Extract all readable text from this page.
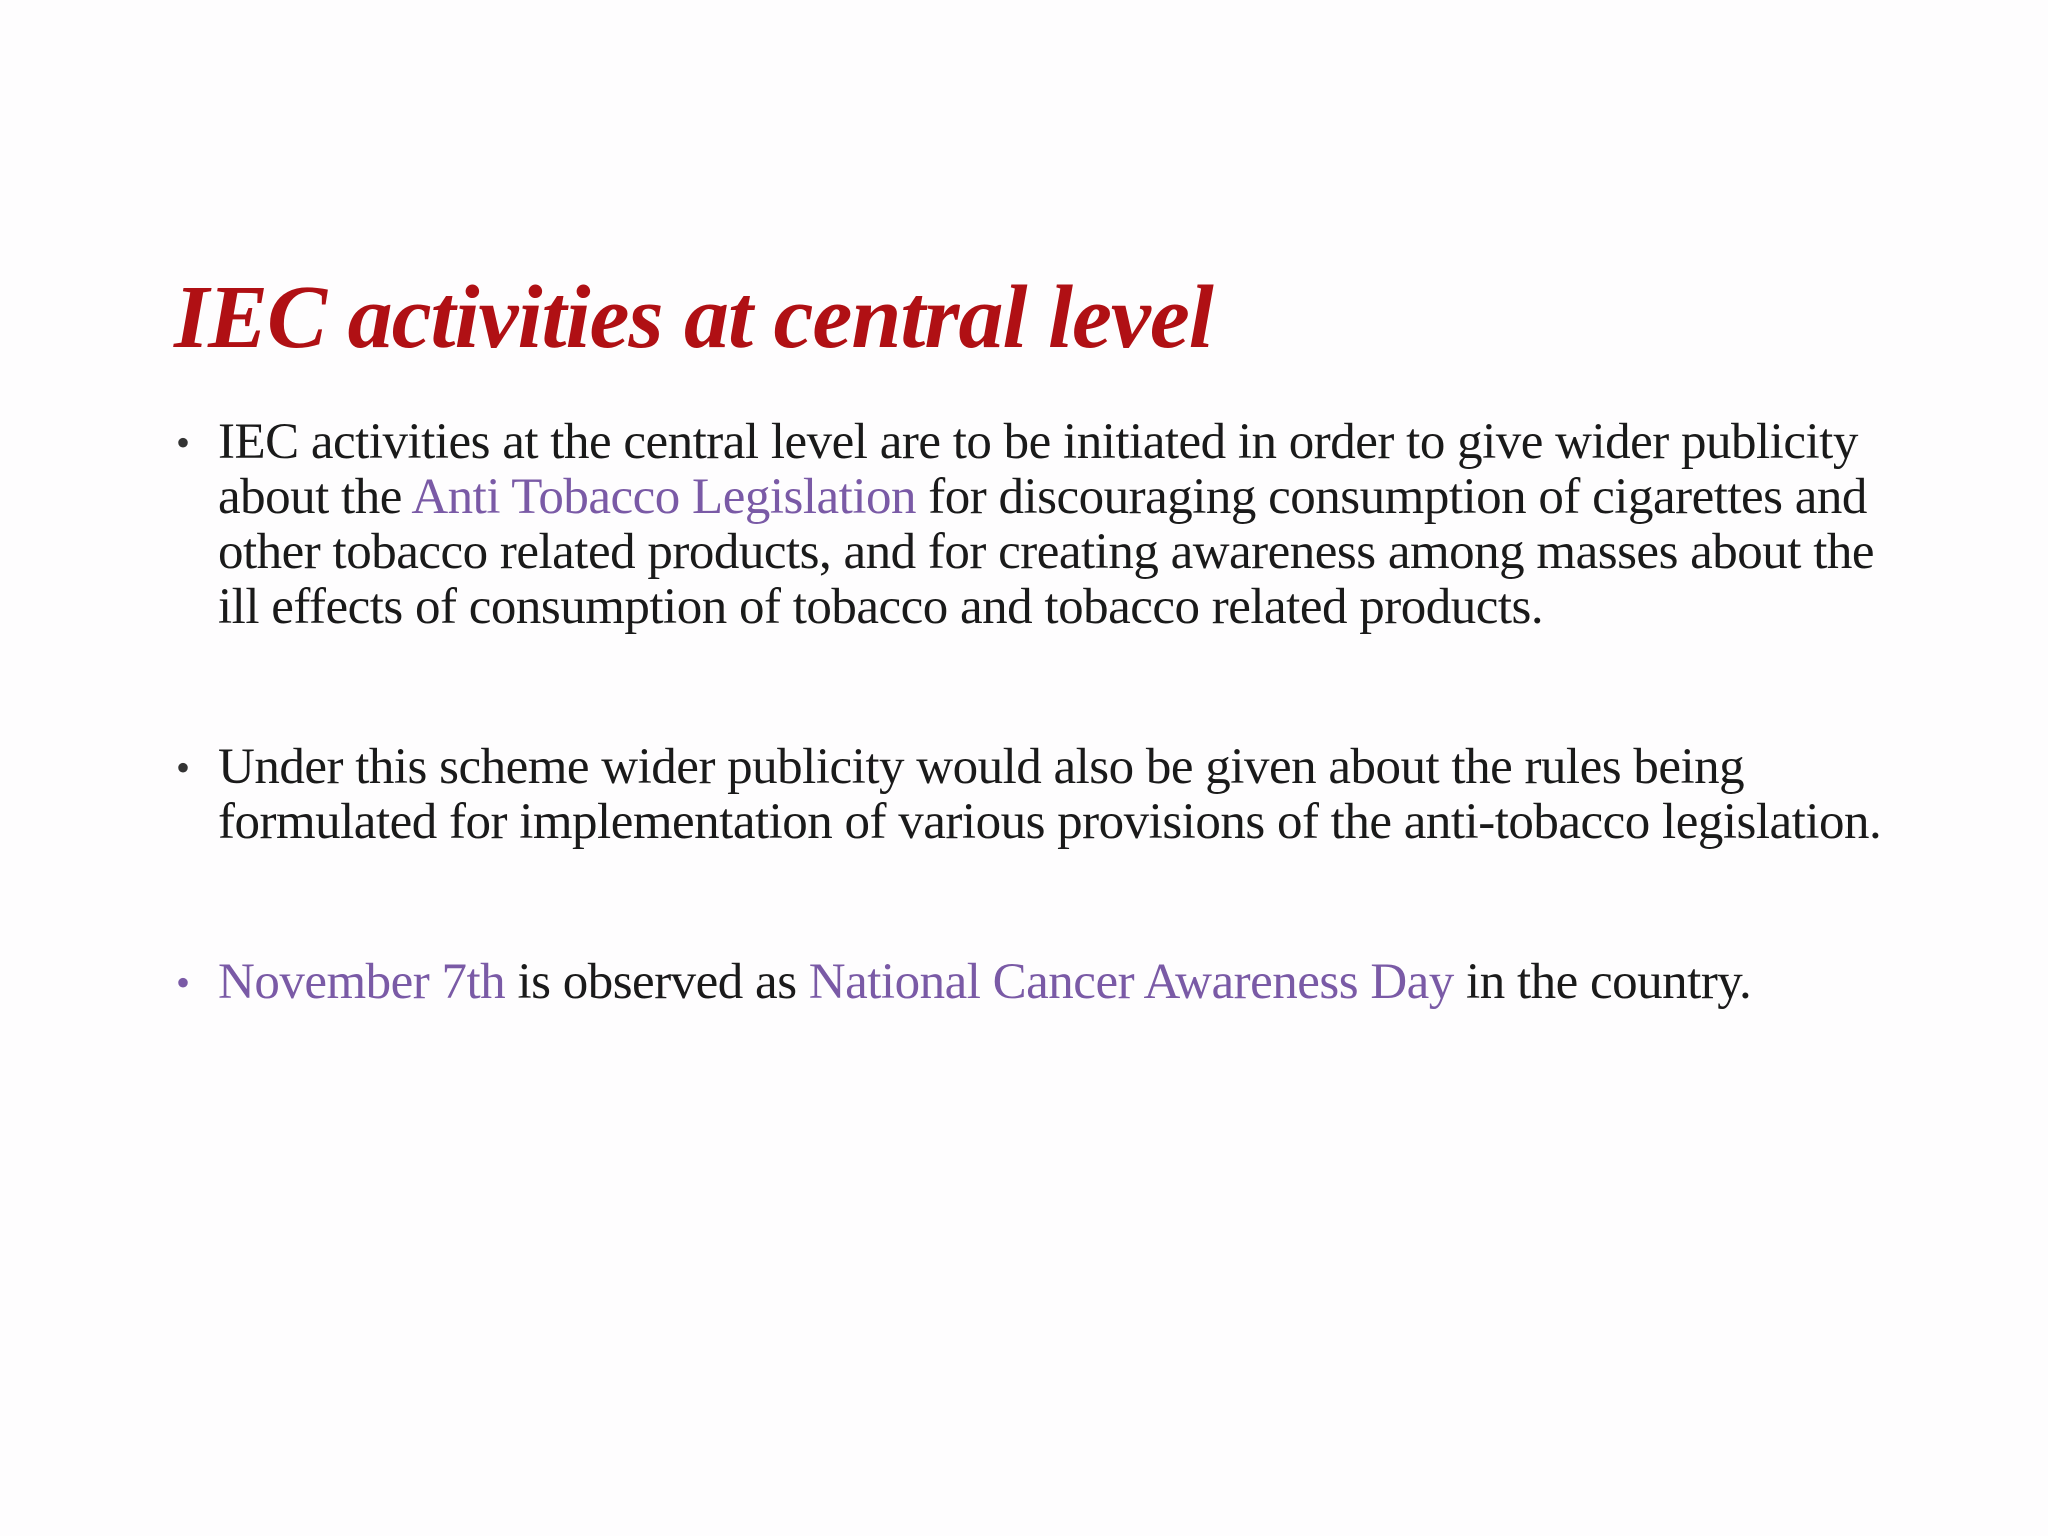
IEC activities at central level
• IEC activities at the central level are to be initiated in order to give wider publicity about the Anti Tobacco Legislation for discouraging consumption of cigarettes and other tobacco related products, and for creating awareness among masses about the ill effects of consumption of tobacco and tobacco related products.
• Under this scheme wider publicity would also be given about the rules being formulated for implementation of various provisions of the anti-tobacco legislation.
• November 7th is observed as National Cancer Awareness Day in the country.
